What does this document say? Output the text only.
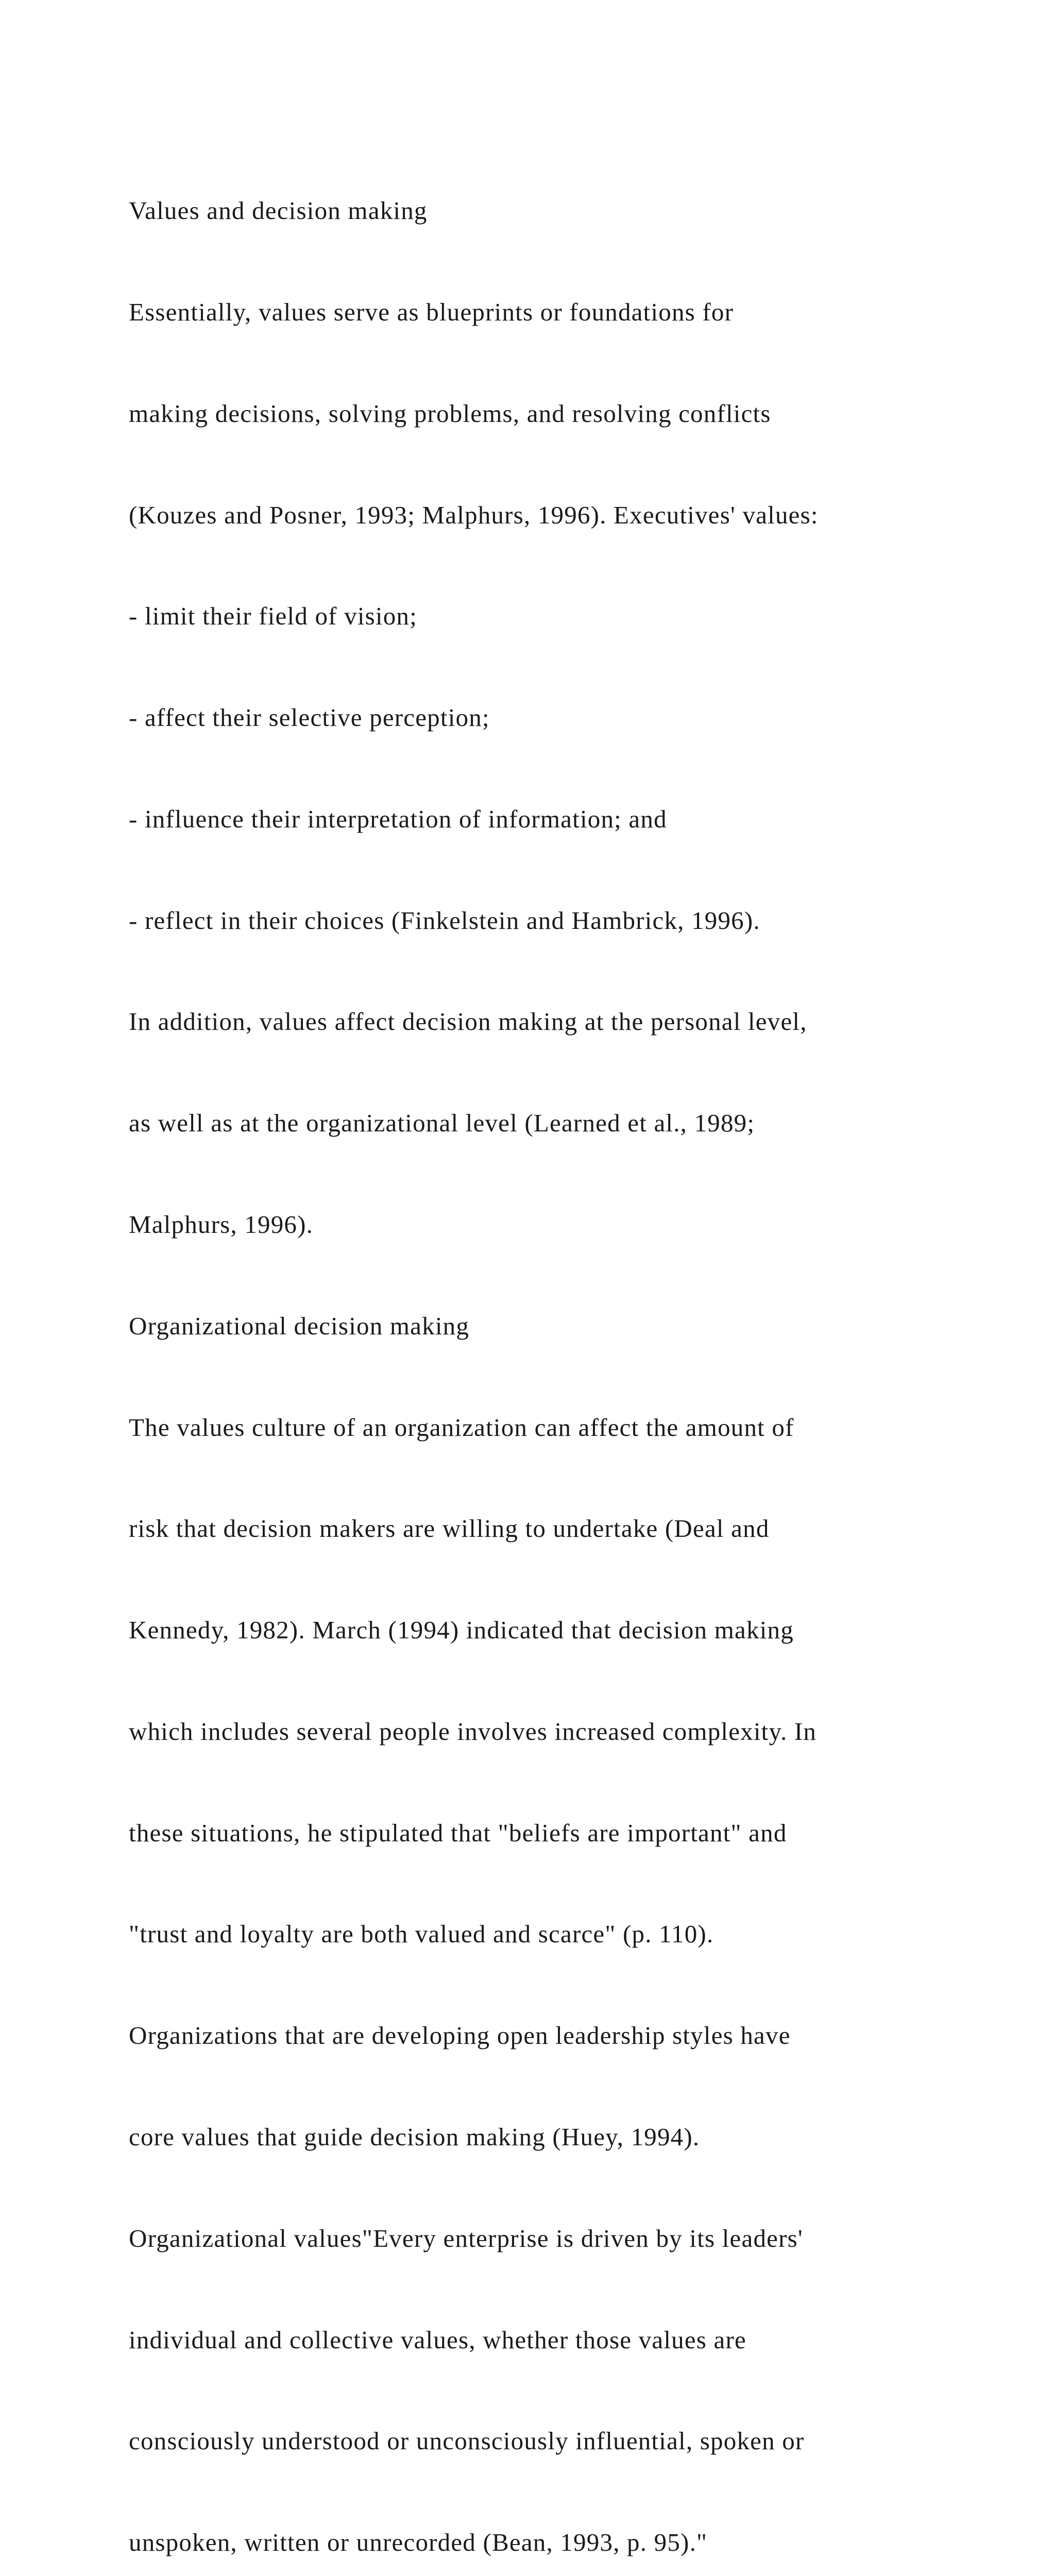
Values and decision making

Essentially, values serve as blueprints or foundations for

making decisions, solving problems, and resolving conflicts

(Kouzes and Posner, 1993; Malphurs, 1996). Executives' values:

- limit their field of vision;

- affect their selective perception;

- influence their interpretation of information; and

- reflect in their choices (Finkelstein and Hambrick, 1996).

In addition, values affect decision making at the personal level,

as well as at the organizational level (Learned et al., 1989;

Malphurs, 1996).

Organizational decision making

The values culture of an organization can affect the amount of

risk that decision makers are willing to undertake (Deal and

Kennedy, 1982). March (1994) indicated that decision making

which includes several people involves increased complexity. In

these situations, he stipulated that "beliefs are important" and

"trust and loyalty are both valued and scarce" (p. 110).

Organizations that are developing open leadership styles have

core values that guide decision making (Huey, 1994).

Organizational values"Every enterprise is driven by its leaders'

individual and collective values, whether those values are

consciously understood or unconsciously influential, spoken or

unspoken, written or unrecorded (Bean, 1993, p. 95)."
